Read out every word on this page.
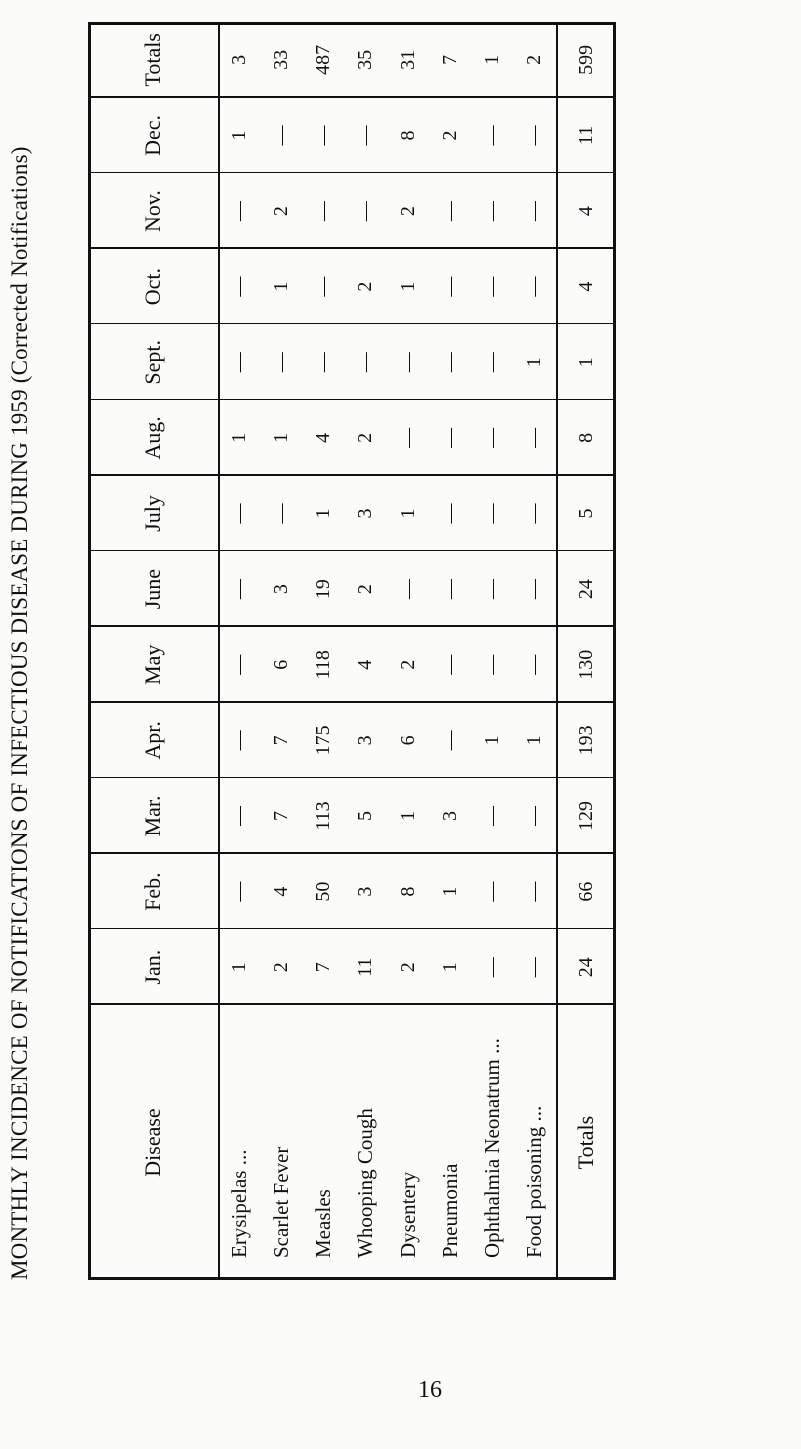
MONTHLY INCIDENCE OF NOTIFICATIONS OF INFECTIOUS DISEASE DURING 1959 (Corrected Notifications)	Disease
Jan.
Feb.
Mar.
Apr.
May
June
July
Aug.
Sept.
Oct.
Nov.
Dec.
Totals
Erysipelas ...
1
—
—
—
—
—
—
1
—
—
—
1
3
Scarlet Fever
2
4
7
7
6
3
—
1
—
1
2
—
33
Measles
7
50
113
175
118
19
1
4
—
—
—
—
487
Whooping Cough
11
3
5
3
4
2
3
2
—
2
—
—
35
Dysentery
2
8
1
6
2
—
1
—
—
1
2
8
31
Pneumonia
1
1
3
—
—
—
—
—
—
—
—
2
7
Ophthalmia Neonatrum ...
—
—
—
1
—
—
—
—
—
—
—
—
1
Food poisoning ...
—
—
—
1
—
—
—
—
1
—
—
—
2
Totals
24
66
129
193
130
24
5
8
1
4
4
11
599
16
